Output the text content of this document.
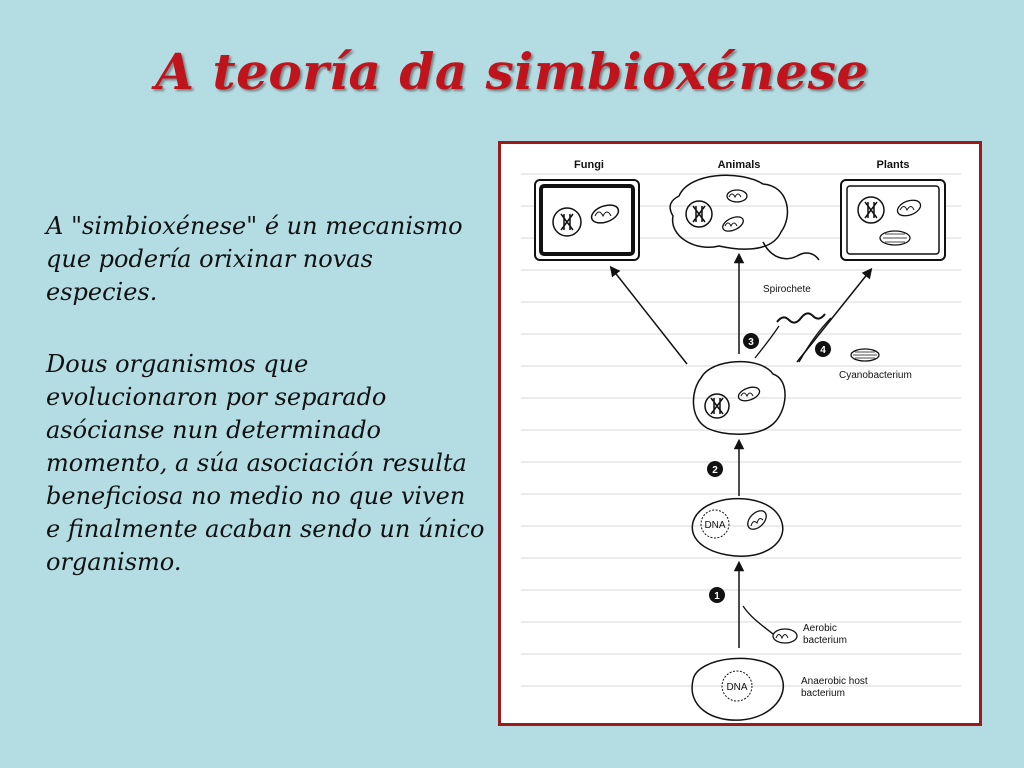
A teoría da simbioxénese

A "simbioxénese" é un mecanismo que podería orixinar novas especies.

Dous organismos que evolucionaron por separado asócianse nun determinado momento, a súa asociación resulta beneficiosa no medio no que viven e finalmente acaban sendo un único organismo.

Fungi	Animals	Plants
Spirochete
3
4
Cyanobacterium
2
DNA
1
Aerobic
bacterium
DNA
Anaerobic host
bacterium
